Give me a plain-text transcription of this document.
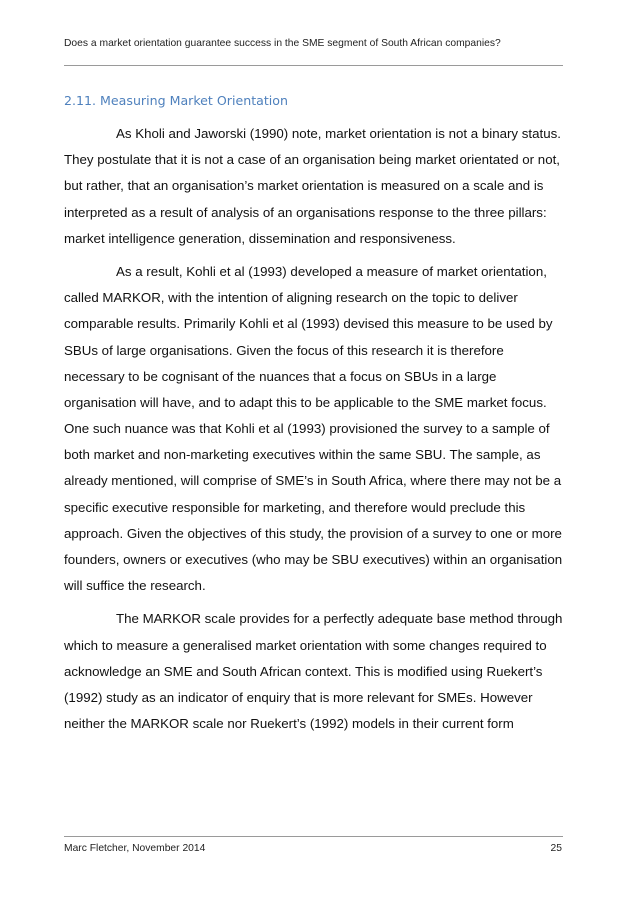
Does a market orientation guarantee success in the SME segment of South African companies?
2.11. Measuring Market Orientation
As Kholi and Jaworski (1990) note, market orientation is not a binary status.
They postulate that it is not a case of an organisation being market orientated or not,
but rather, that an organisation’s market orientation is measured on a scale and is
interpreted as a result of analysis of an organisations response to the three pillars:
market intelligence generation, dissemination and responsiveness.
As a result, Kohli et al (1993) developed a measure of market orientation,
called MARKOR, with the intention of aligning research on the topic to deliver
comparable results. Primarily Kohli et al (1993) devised this measure to be used by
SBUs of large organisations. Given the focus of this research it is therefore
necessary to be cognisant of the nuances that a focus on SBUs in a large
organisation will have, and to adapt this to be applicable to the SME market focus.
One such nuance was that Kohli et al (1993) provisioned the survey to a sample of
both market and non-marketing executives within the same SBU. The sample, as
already mentioned, will comprise of SME’s in South Africa, where there may not be a
specific executive responsible for marketing, and therefore would preclude this
approach. Given the objectives of this study, the provision of a survey to one or more
founders, owners or executives (who may be SBU executives) within an organisation
will suffice the research.
The MARKOR scale provides for a perfectly adequate base method through
which to measure a generalised market orientation with some changes required to
acknowledge an SME and South African context. This is modified using Ruekert’s
(1992) study as an indicator of enquiry that is more relevant for SMEs. However
neither the MARKOR scale nor Ruekert’s (1992) models in their current form
Marc Fletcher, November 2014	25
